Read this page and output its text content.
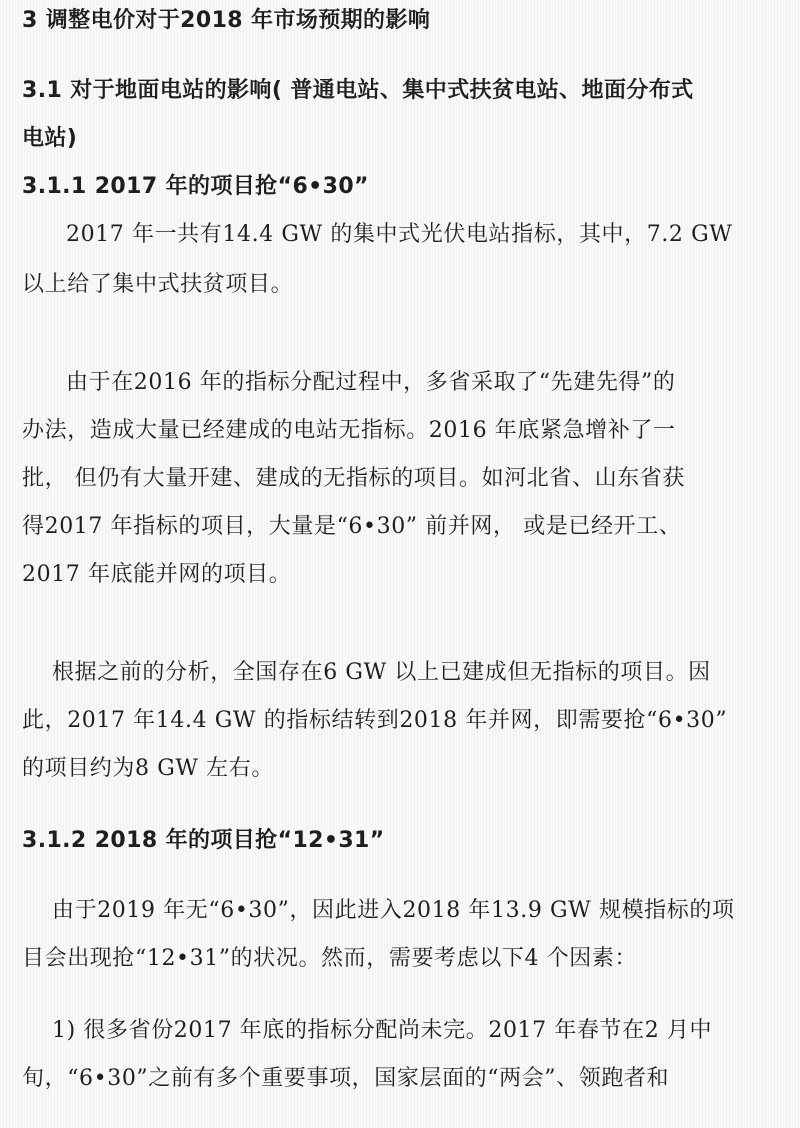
3 调整电价对于2018 年市场预期的影响
3.1 对于地面电站的影响( 普通电站、集中式扶贫电站、地面分布式
电站)
3.1.1 2017 年的项目抢“6•30”
2017 年一共有14.4 GW 的集中式光伏电站指标，其中，7.2 GW
以上给了集中式扶贫项目。
由于在2016 年的指标分配过程中，多省采取了“先建先得”的
办法，造成大量已经建成的电站无指标。2016 年底紧急增补了一
批， 但仍有大量开建、建成的无指标的项目。如河北省、山东省获
得2017 年指标的项目，大量是“6•30” 前并网， 或是已经开工、
2017 年底能并网的项目。
根据之前的分析，全国存在6 GW 以上已建成但无指标的项目。因
此，2017 年14.4 GW 的指标结转到2018 年并网，即需要抢“6•30”
的项目约为8 GW 左右。
3.1.2 2018 年的项目抢“12•31”
由于2019 年无“6•30”，因此进入2018 年13.9 GW 规模指标的项
目会出现抢“12•31”的状况。然而，需要考虑以下4 个因素：
1) 很多省份2017 年底的指标分配尚未完。2017 年春节在2 月中
旬，“6•30”之前有多个重要事项，国家层面的“两会”、领跑者和
